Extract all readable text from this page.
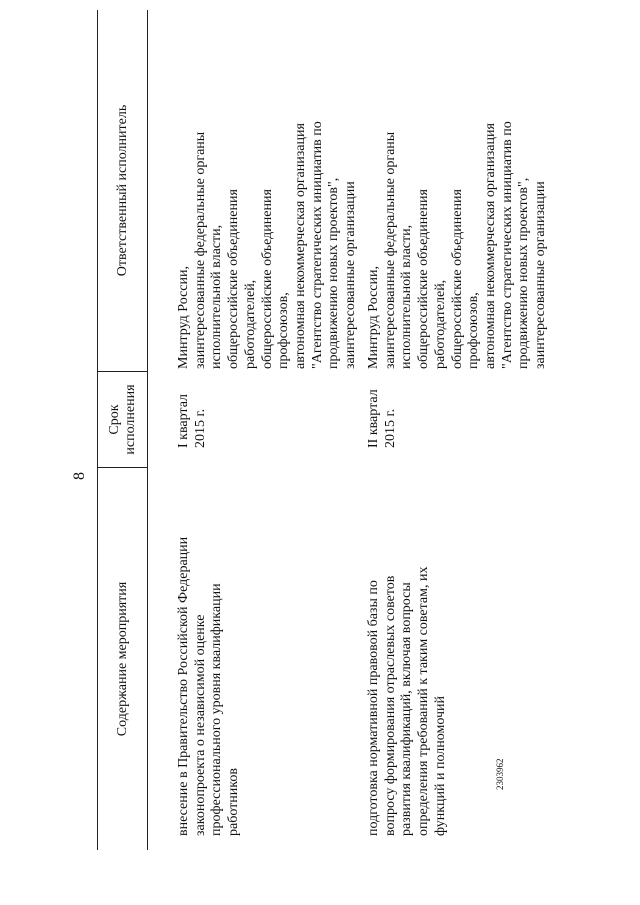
8
Содержание мероприятия
Срок
исполнения
Ответственный исполнитель
внесение в Правительство Российской Федерации
законопроекта о независимой оценке
профессионального уровня квалификации
работников
I квартал
2015 г.
Минтруд России,
заинтересованные федеральные органы
исполнительной власти,
общероссийские объединения
работодателей,
общероссийские объединения
профсоюзов,
автономная некоммерческая организация
"Агентство стратегических инициатив по
продвижению новых проектов",
заинтересованные организации
подготовка нормативной правовой базы по
вопросу формирования отраслевых советов
развития квалификаций, включая вопросы
определения требований к таким советам, их
функций и полномочий
II квартал
2015 г.
Минтруд России,
заинтересованные федеральные органы
исполнительной власти,
общероссийские объединения
работодателей,
общероссийские объединения
профсоюзов,
автономная некоммерческая организация
"Агентство стратегических инициатив по
продвижению новых проектов",
заинтересованные организации
2303962
